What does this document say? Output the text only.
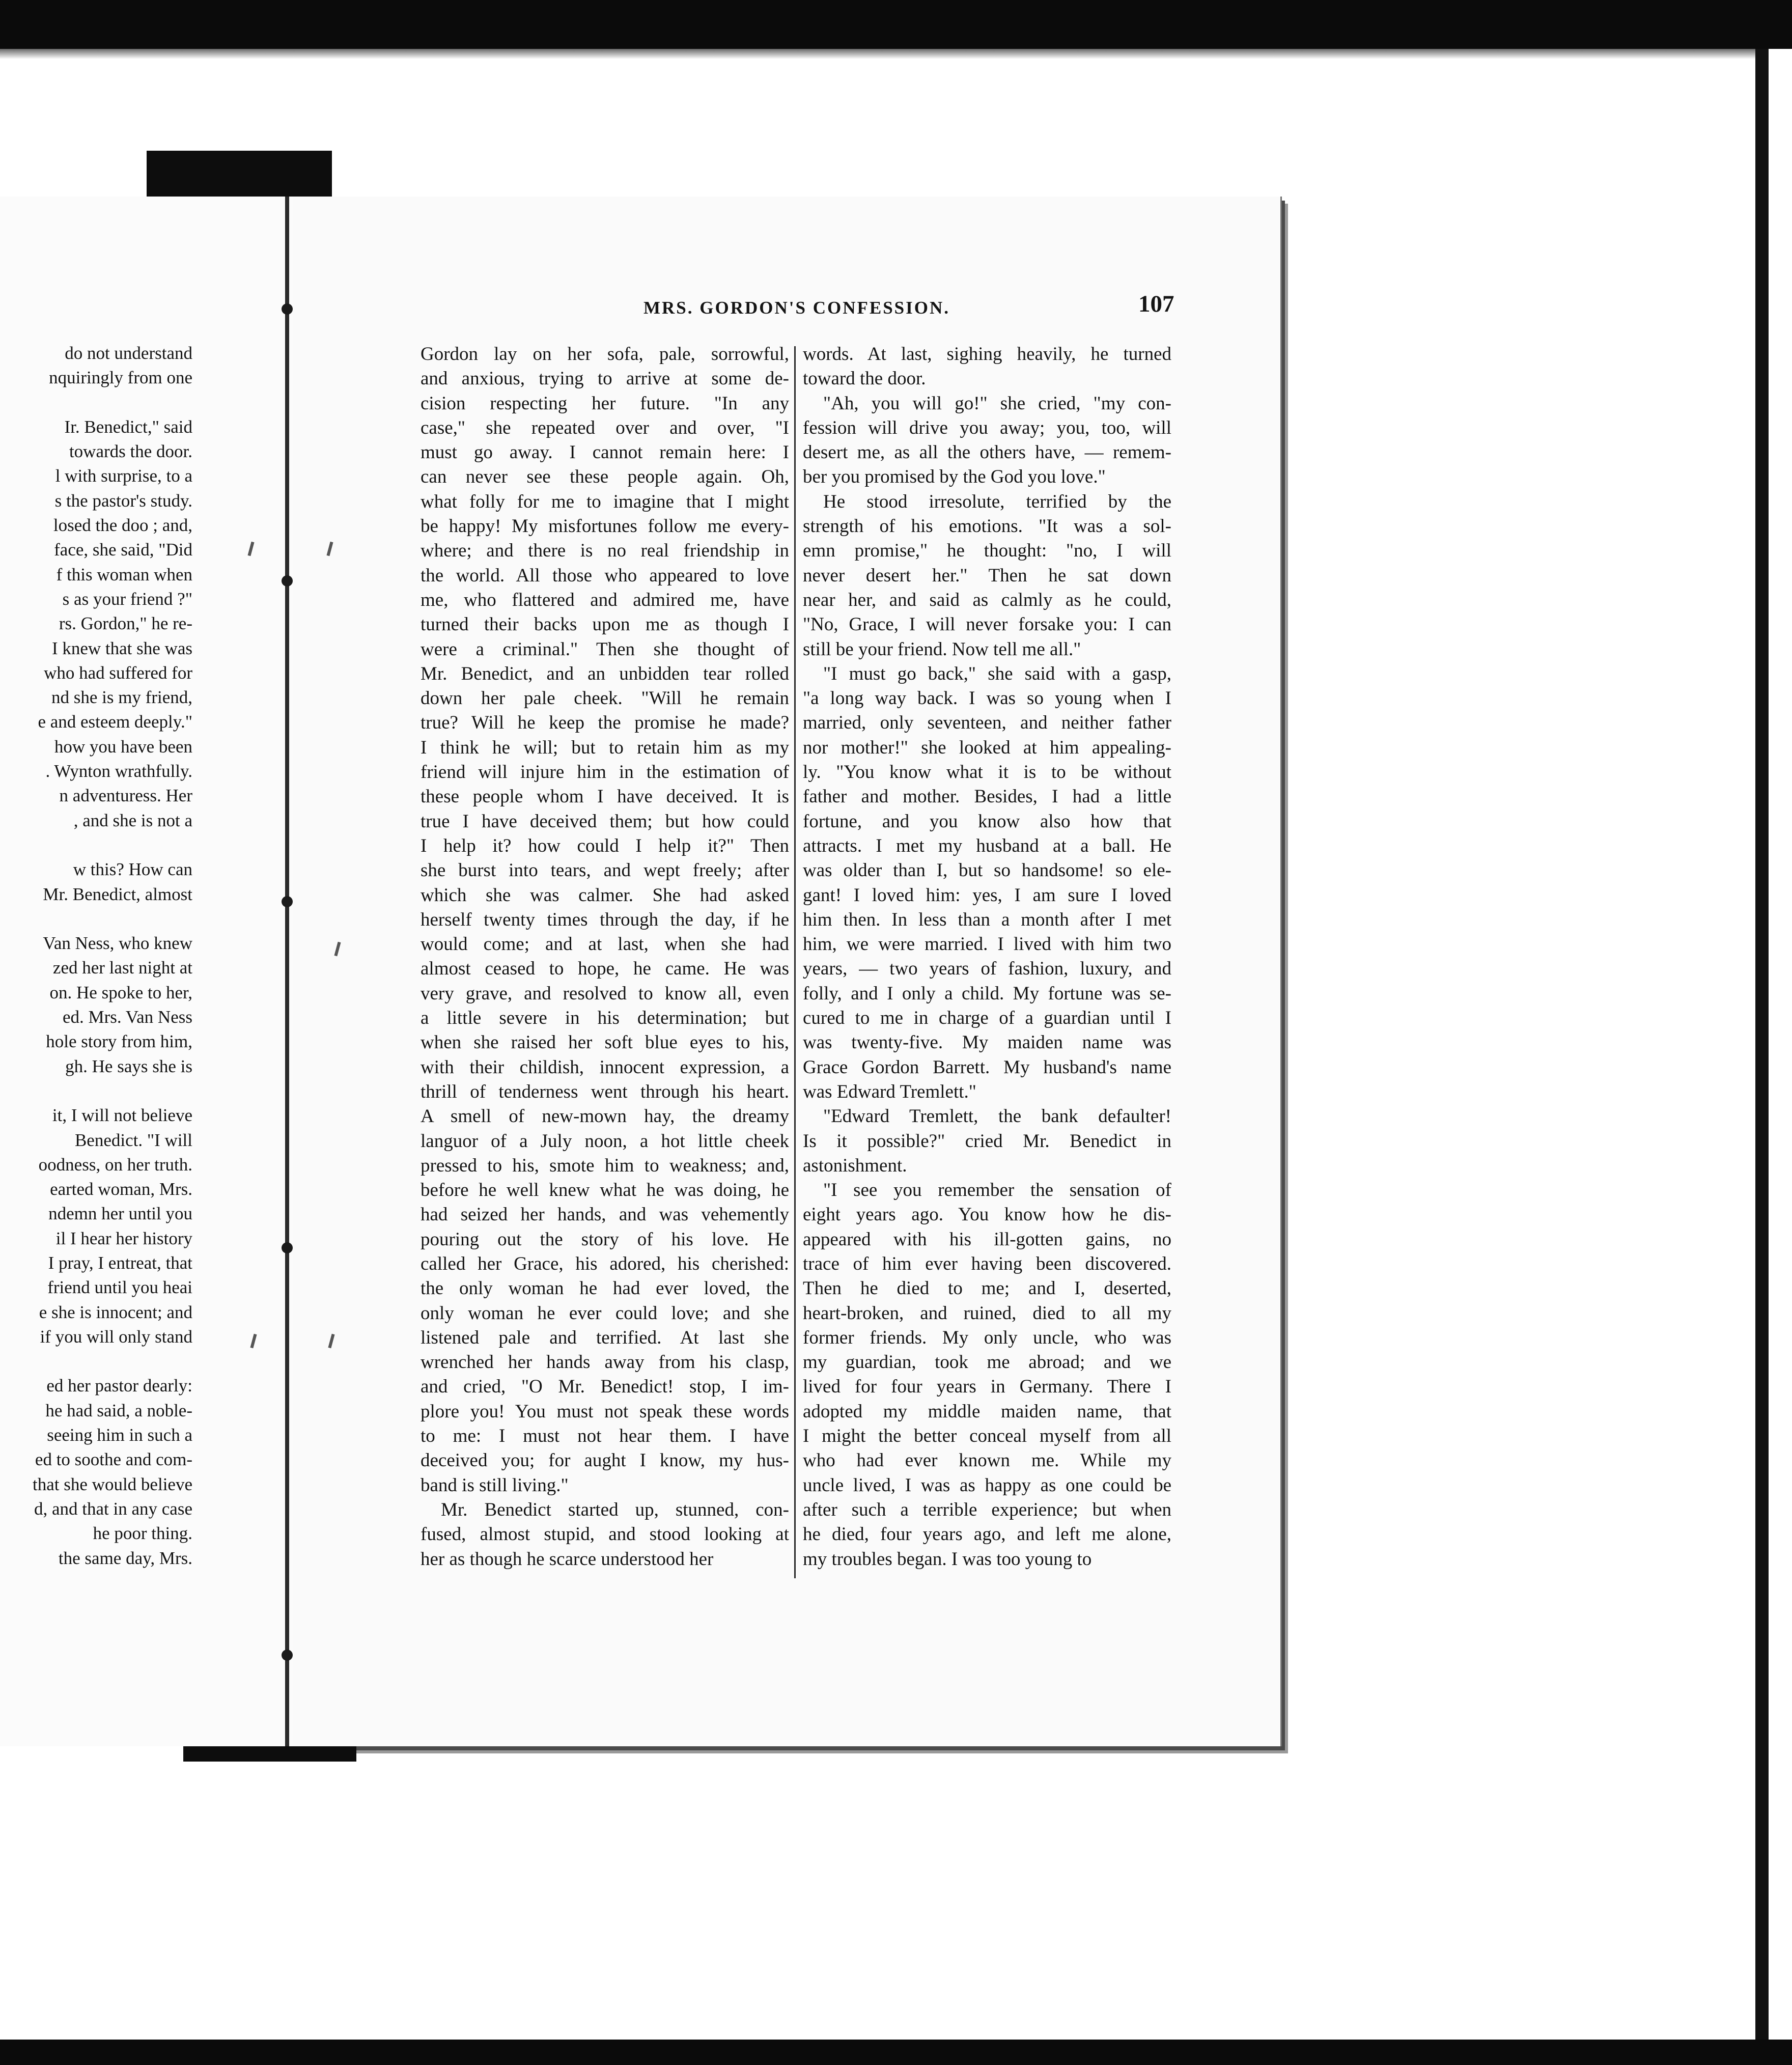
do not understand
nquiringly from one
Ir. Benedict," said
towards the door.
l with surprise, to a
s the pastor's study.
losed the doo ; and,
face, she said, "Did
f this woman when
s as your friend ?"
rs. Gordon," he re-
I knew that she was
who had suffered for
nd she is my friend,
e and esteem deeply."
how you have been
. Wynton wrathfully.
n adventuress. Her
, and she is not a
w this? How can
Mr. Benedict, almost
Van Ness, who knew
zed her last night at
on. He spoke to her,
ed. Mrs. Van Ness
hole story from him,
gh. He says she is
it, I will not believe
Benedict. "I will
oodness, on her truth.
earted woman, Mrs.
ndemn her until you
il I hear her history
I pray, I entreat, that
friend until you heai
e she is innocent; and
if you will only stand
ed her pastor dearly:
he had said, a noble-
seeing him in such a
ed to soothe and com-
that she would believe
d, and that in any case
he poor thing.
the same day, Mrs.
MRS. GORDON'S CONFESSION.	107
Gordon lay on her sofa, pale, sorrowful,
and anxious, trying to arrive at some de-
cision respecting her future. "In any
case," she repeated over and over, "I
must go away. I cannot remain here: I
can never see these people again. Oh,
what folly for me to imagine that I might
be happy! My misfortunes follow me every-
where; and there is no real friendship in
the world. All those who appeared to love
me, who flattered and admired me, have
turned their backs upon me as though I
were a criminal." Then she thought of
Mr. Benedict, and an unbidden tear rolled
down her pale cheek. "Will he remain
true? Will he keep the promise he made?
I think he will; but to retain him as my
friend will injure him in the estimation of
these people whom I have deceived. It is
true I have deceived them; but how could
I help it? how could I help it?" Then
she burst into tears, and wept freely; after
which she was calmer. She had asked
herself twenty times through the day, if he
would come; and at last, when she had
almost ceased to hope, he came. He was
very grave, and resolved to know all, even
a little severe in his determination; but
when she raised her soft blue eyes to his,
with their childish, innocent expression, a
thrill of tenderness went through his heart.
A smell of new-mown hay, the dreamy
languor of a July noon, a hot little cheek
pressed to his, smote him to weakness; and,
before he well knew what he was doing, he
had seized her hands, and was vehemently
pouring out the story of his love. He
called her Grace, his adored, his cherished:
the only woman he had ever loved, the
only woman he ever could love; and she
listened pale and terrified. At last she
wrenched her hands away from his clasp,
and cried, "O Mr. Benedict! stop, I im-
plore you! You must not speak these words
to me: I must not hear them. I have
deceived you; for aught I know, my hus-
band is still living."
Mr. Benedict started up, stunned, con-
fused, almost stupid, and stood looking at
her as though he scarce understood her
words. At last, sighing heavily, he turned
toward the door.
"Ah, you will go!" she cried, "my con-
fession will drive you away; you, too, will
desert me, as all the others have, — remem-
ber you promised by the God you love."
He stood irresolute, terrified by the
strength of his emotions. "It was a sol-
emn promise," he thought: "no, I will
never desert her." Then he sat down
near her, and said as calmly as he could,
"No, Grace, I will never forsake you: I can
still be your friend. Now tell me all."
"I must go back," she said with a gasp,
"a long way back. I was so young when I
married, only seventeen, and neither father
nor mother!" she looked at him appealing-
ly. "You know what it is to be without
father and mother. Besides, I had a little
fortune, and you know also how that
attracts. I met my husband at a ball. He
was older than I, but so handsome! so ele-
gant! I loved him: yes, I am sure I loved
him then. In less than a month after I met
him, we were married. I lived with him two
years, — two years of fashion, luxury, and
folly, and I only a child. My fortune was se-
cured to me in charge of a guardian until I
was twenty-five. My maiden name was
Grace Gordon Barrett. My husband's name
was Edward Tremlett."
"Edward Tremlett, the bank defaulter!
Is it possible?" cried Mr. Benedict in
astonishment.
"I see you remember the sensation of
eight years ago. You know how he dis-
appeared with his ill-gotten gains, no
trace of him ever having been discovered.
Then he died to me; and I, deserted,
heart-broken, and ruined, died to all my
former friends. My only uncle, who was
my guardian, took me abroad; and we
lived for four years in Germany. There I
adopted my middle maiden name, that
I might the better conceal myself from all
who had ever known me. While my
uncle lived, I was as happy as one could be
after such a terrible experience; but when
he died, four years ago, and left me alone,
my troubles began. I was too young to
